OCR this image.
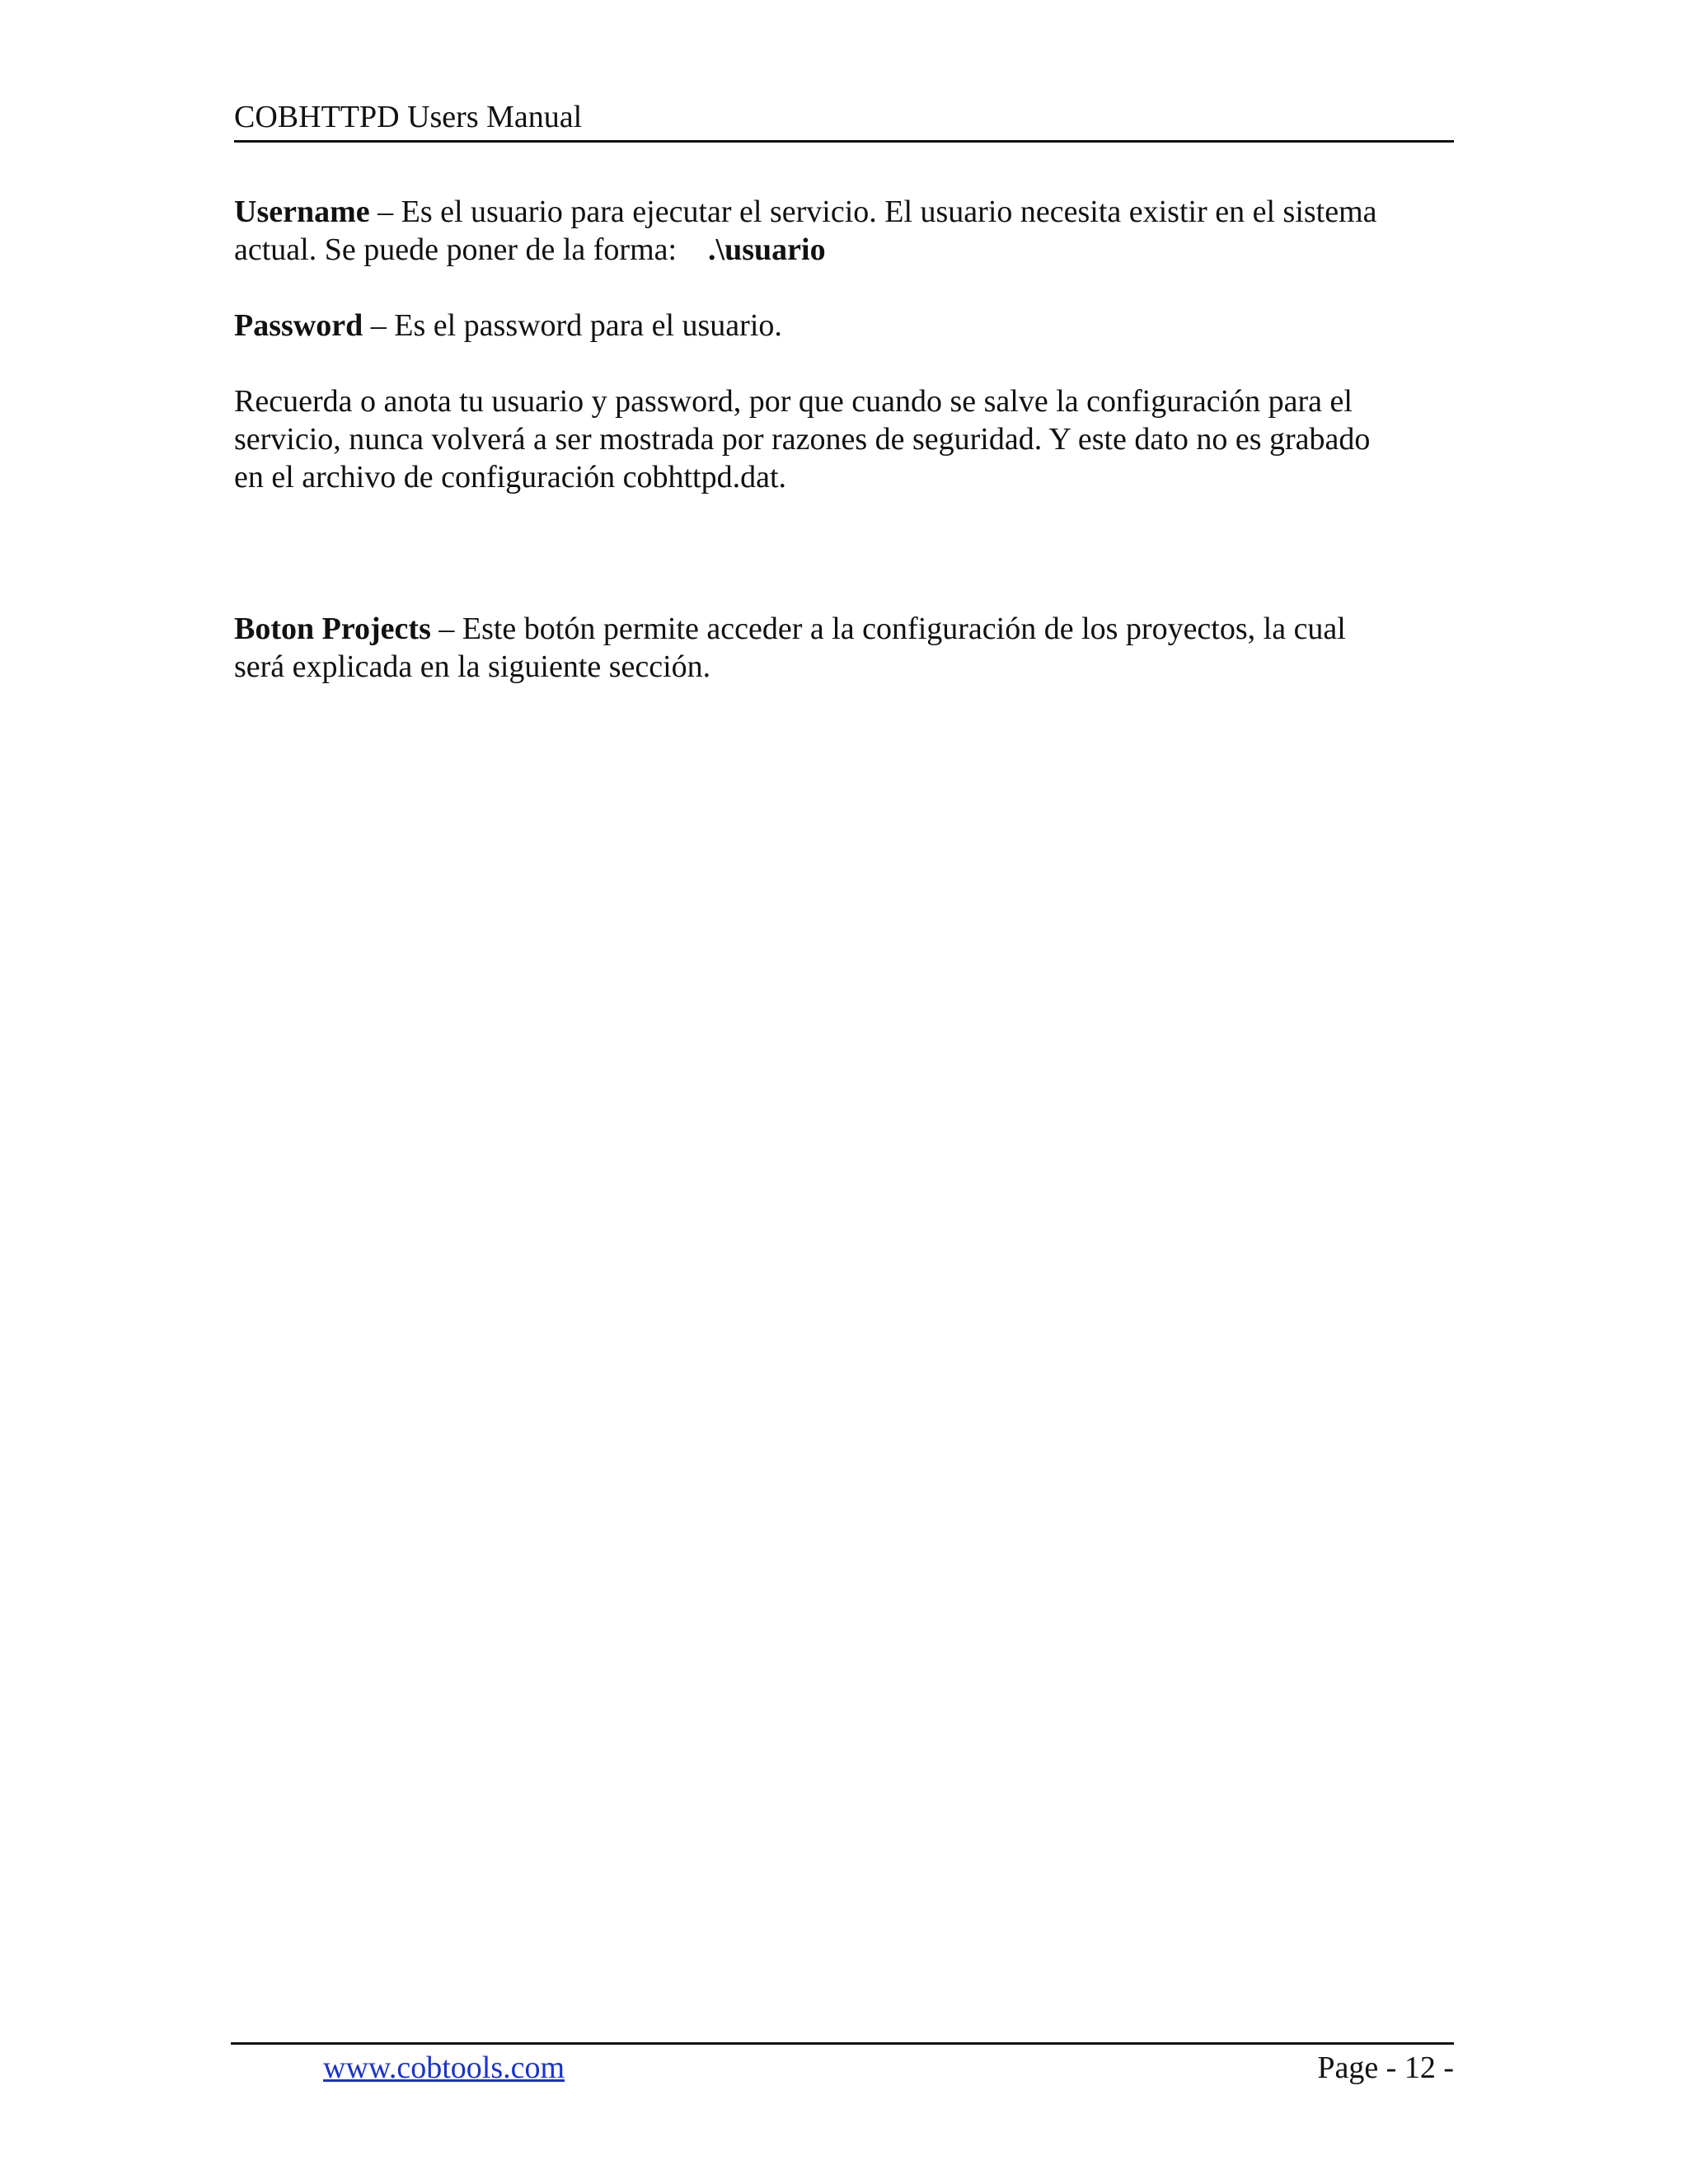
COBHTTPD Users Manual
Username – Es el usuario para ejecutar el servicio. El usuario necesita existir en el sistema
actual. Se puede poner de la forma: .\usuario
Password – Es el password para el usuario.
Recuerda o anota tu usuario y password, por que cuando se salve la configuración para el
servicio, nunca volverá a ser mostrada por razones de seguridad. Y este dato no es grabado
en el archivo de configuración cobhttpd.dat.
Boton Projects – Este botón permite acceder a la configuración de los proyectos, la cual
será explicada en la siguiente sección.
www.cobtools.com	Page - 12 -
